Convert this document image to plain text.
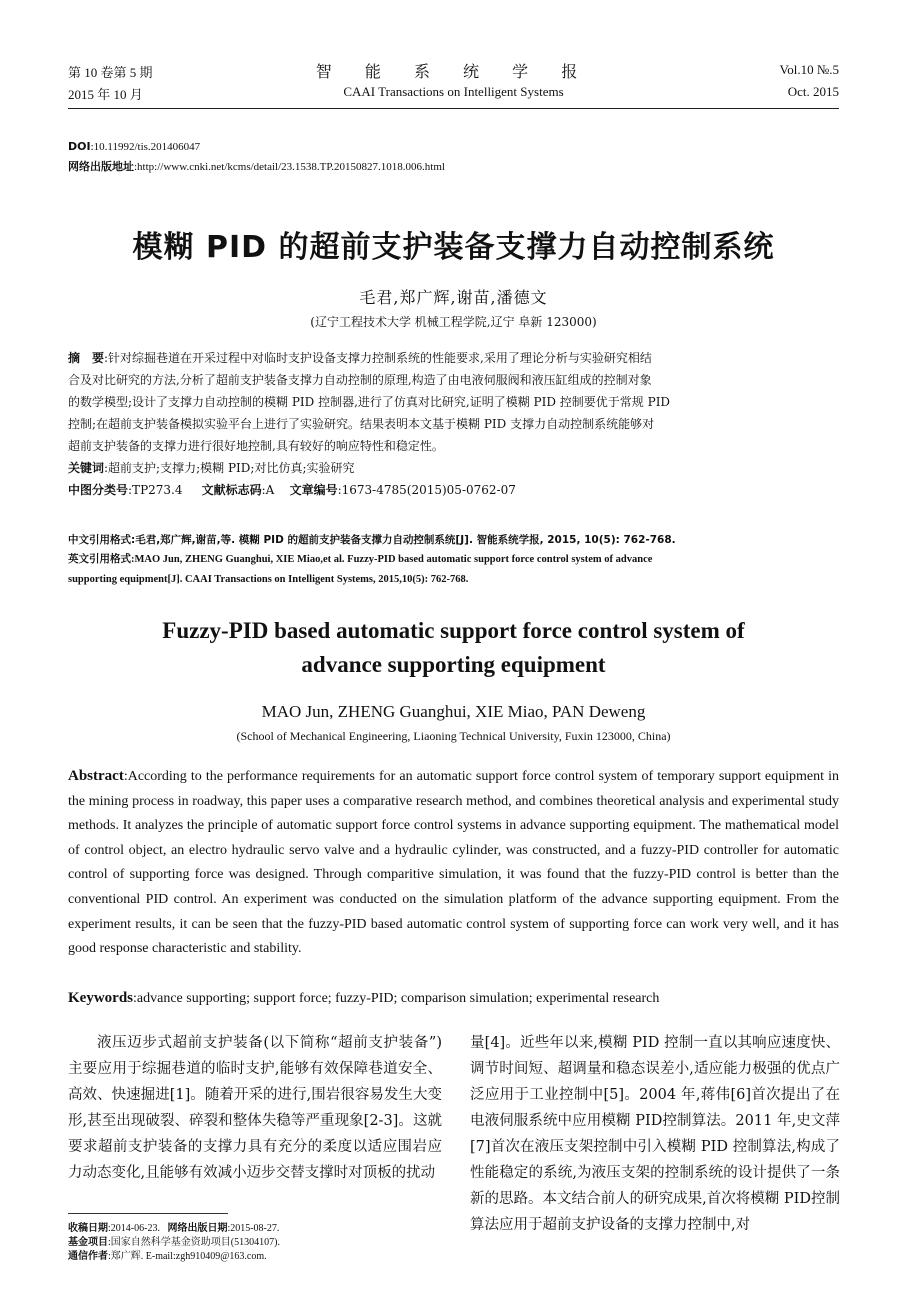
第 10 卷第 5 期	智 能 系 统 学 报	Vol.10 №.5
2015 年 10 月	CAAI Transactions on Intelligent Systems	Oct. 2015
DOI:10.11992/tis.201406047
网络出版地址:http://www.cnki.net/kcms/detail/23.1538.TP.20150827.1018.006.html
模糊 PID 的超前支护装备支撑力自动控制系统
毛君,郑广辉,谢苗,潘德文
(辽宁工程技术大学 机械工程学院,辽宁 阜新 123000)
摘　要:针对综掘巷道在开采过程中对临时支护设备支撑力控制系统的性能要求,采用了理论分析与实验研究相结
合及对比研究的方法,分析了超前支护装备支撑力自动控制的原理,构造了由电液伺服阀和液压缸组成的控制对象
的数学模型;设计了支撑力自动控制的模糊 PID 控制器,进行了仿真对比研究,证明了模糊 PID 控制要优于常规 PID
控制;在超前支护装备模拟实验平台上进行了实验研究。结果表明本文基于模糊 PID 支撑力自动控制系统能够对
超前支护装备的支撑力进行很好地控制,具有较好的响应特性和稳定性。
关键词:超前支护;支撑力;模糊 PID;对比仿真;实验研究
中图分类号:TP273.4 文献标志码:A 文章编号:1673-4785(2015)05-0762-07
中文引用格式:毛君,郑广辉,谢苗,等. 模糊 PID 的超前支护装备支撑力自动控制系统[J]. 智能系统学报, 2015, 10(5): 762-768.
英文引用格式:MAO Jun, ZHENG Guanghui, XIE Miao,et al. Fuzzy-PID based automatic support force control system of advance
supporting equipment[J]. CAAI Transactions on Intelligent Systems, 2015,10(5): 762-768.
Fuzzy-PID based automatic support force control system of
advance supporting equipment
MAO Jun, ZHENG Guanghui, XIE Miao, PAN Deweng
(School of Mechanical Engineering, Liaoning Technical University, Fuxin 123000, China)
Abstract:According to the performance requirements for an automatic support force control system of temporary support equipment in the mining process in roadway, this paper uses a comparative research method, and combines theoretical analysis and experimental study methods. It analyzes the principle of automatic support force control systems in advance supporting equipment. The mathematical model of control object, an electro hydraulic servo valve and a hydraulic cylinder, was constructed, and a fuzzy-PID controller for automatic control of supporting force was designed. Through comparitive simulation, it was found that the fuzzy-PID control is better than the conventional PID control. An experiment was conducted on the simulation platform of the advance supporting equipment. From the experiment results, it can be seen that the fuzzy-PID based automatic control system of supporting force can work very well, and it has good response characteristic and stability.
Keywords:advance supporting; support force; fuzzy-PID; comparison simulation; experimental research

液压迈步式超前支护装备(以下简称“超前支护装备”)主要应用于综掘巷道的临时支护,能够有效保障巷道安全、高效、快速掘进[1]。随着开采的进行,围岩很容易发生大变形,甚至出现破裂、碎裂和整体失稳等严重现象[2-3]。这就要求超前支护装备的支撑力具有充分的柔度以适应围岩应力动态变化,且能够有效减小迈步交替支撑时对顶板的扰动

量[4]。近些年以来,模糊 PID 控制一直以其响应速度快、调节时间短、超调量和稳态误差小,适应能力极强的优点广泛应用于工业控制中[5]。2004 年,蒋伟[6]首次提出了在电液伺服系统中应用模糊 PID控制算法。2011 年,史文萍[7]首次在液压支架控制中引入模糊 PID 控制算法,构成了性能稳定的系统,为液压支架的控制系统的设计提供了一条新的思路。本文结合前人的研究成果,首次将模糊 PID控制算法应用于超前支护设备的支撑力控制中,对

收稿日期:2014-06-23. 网络出版日期:2015-08-27.
基金项目:国家自然科学基金资助项目(51304107).
通信作者:郑广辉. E-mail:zgh910409@163.com.
